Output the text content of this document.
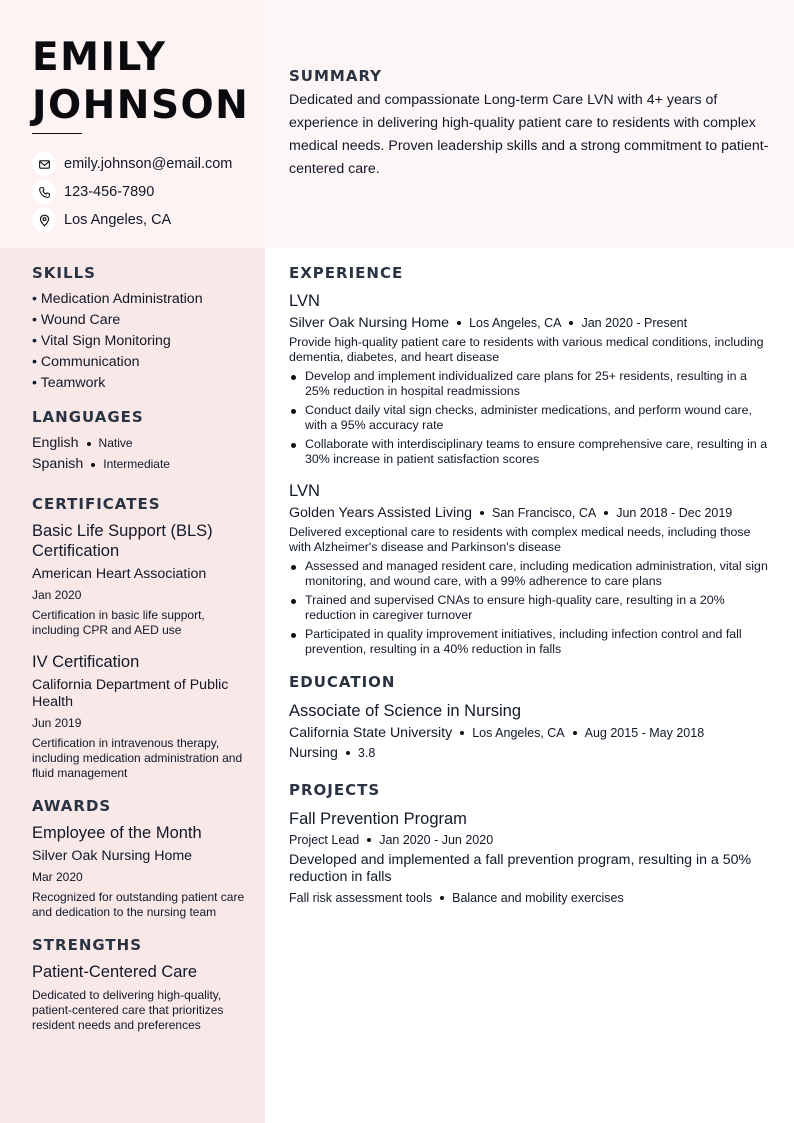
EMILY
JOHNSON
emily.johnson@email.com
123-456-7890
Los Angeles, CA
SUMMARY

Dedicated and compassionate Long-term Care LVN with 4+ years of experience in delivering high-quality patient care to residents with complex medical needs. Proven leadership skills and a strong commitment to patient-centered care.

SKILLS
• Medication Administration
• Wound Care
• Vital Sign Monitoring
• Communication
• Teamwork
LANGUAGES
English Native
Spanish Intermediate
CERTIFICATES
Basic Life Support (BLS) Certification
American Heart Association
Jan 2020
Certification in basic life support, including CPR and AED use
IV Certification
California Department of Public Health
Jun 2019
Certification in intravenous therapy, including medication administration and fluid management
AWARDS
Employee of the Month
Silver Oak Nursing Home
Mar 2020
Recognized for outstanding patient care and dedication to the nursing team
STRENGTHS
Patient-Centered Care
Dedicated to delivering high-quality, patient-centered care that prioritizes resident needs and preferences
EXPERIENCE
LVN
Silver Oak Nursing Home Los Angeles, CA Jan 2020 - Present
Provide high-quality patient care to residents with various medical conditions, including dementia, diabetes, and heart disease
Develop and implement individualized care plans for 25+ residents, resulting in a 25% reduction in hospital readmissions
Conduct daily vital sign checks, administer medications, and perform wound care, with a 95% accuracy rate
Collaborate with interdisciplinary teams to ensure comprehensive care, resulting in a 30% increase in patient satisfaction scores
LVN
Golden Years Assisted Living San Francisco, CA Jun 2018 - Dec 2019
Delivered exceptional care to residents with complex medical needs, including those with Alzheimer's disease and Parkinson's disease
Assessed and managed resident care, including medication administration, vital sign monitoring, and wound care, with a 99% adherence to care plans
Trained and supervised CNAs to ensure high-quality care, resulting in a 20% reduction in caregiver turnover
Participated in quality improvement initiatives, including infection control and fall prevention, resulting in a 40% reduction in falls
EDUCATION
Associate of Science in Nursing
California State University Los Angeles, CA Aug 2015 - May 2018
Nursing 3.8
PROJECTS
Fall Prevention Program
Project Lead Jan 2020 - Jun 2020
Developed and implemented a fall prevention program, resulting in a 50% reduction in falls
Fall risk assessment tools Balance and mobility exercises
